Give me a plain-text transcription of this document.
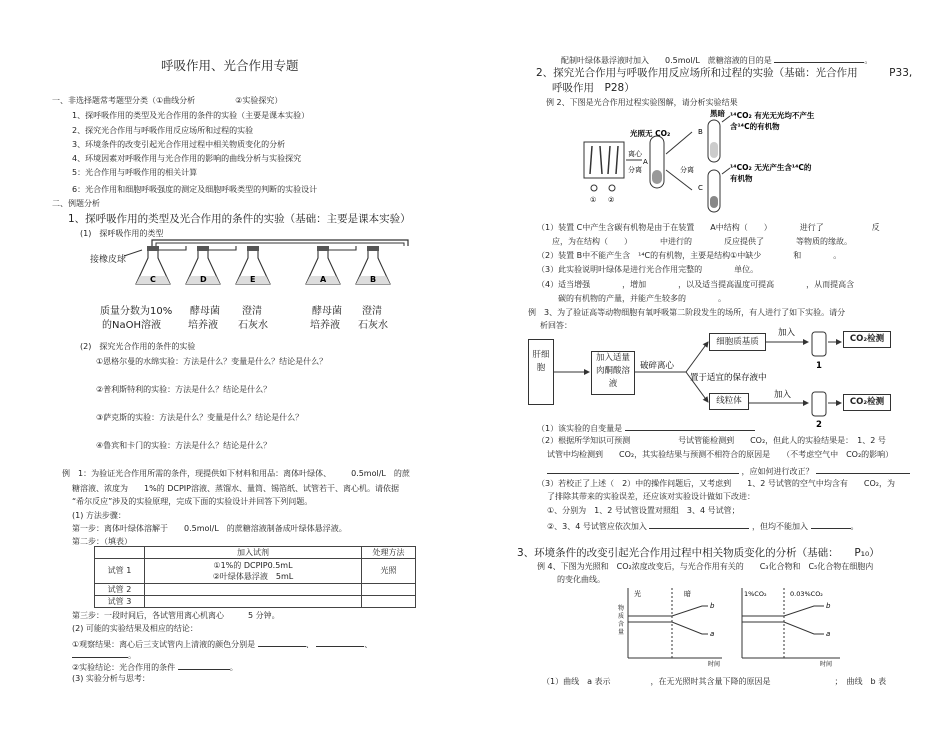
呼吸作用、光合作用专题
一、非选择题常考题型分类（①曲线分析　　　　　②实验探究）
1、探呼吸作用的类型及光合作用的条件的实验（主要是课本实验）
2、探究光合作用与呼吸作用反应场所和过程的实验
3、环境条件的改变引起光合作用过程中相关物质变化的分析
4、环境因素对呼吸作用与光合作用的影响的曲线分析与实验探究
5：光合作用与呼吸作用的相关计算
6：光合作用和细胞呼吸强度的测定及细胞呼吸类型的判断的实验设计
二、例题分析
1、探呼吸作用的类型及光合作用的条件的实验（基础：主要是课本实验）
(1)　探呼吸作用的类型
接橡皮球
C	D	E	A	B
质量分数为10%
的NaOH溶液
酵母菌
培养液
澄清
石灰水
酵母菌
培养液
澄清
石灰水
(2)　探究光合作用的条件的实验
①恩格尔曼的水绵实验：方法是什么？变量是什么？结论是什么？
②普利斯特利的实验：方法是什么？结论是什么？
③萨克斯的实验：方法是什么？变量是什么？结论是什么？
④鲁宾和卡门的实验：方法是什么？结论是什么？
例　1：为验证光合作用所需的条件，现提供如下材料和用品：离体叶绿体、　　　0.5mol/L　的蔗
糖溶液、浓度为　　1%的 DCPIP溶液、蒸馏水、量筒、锡箔纸、试管若干、离心机。请依据
“希尔反应”涉及的实验原理，完成下面的实验设计并回答下列问题。
(1) 方法步骤：
第一步：离体叶绿体溶解于　　0.5mol/L　的蔗糖溶液制备成叶绿体悬浮液。
第二步：（填表）
	加入试剂	处理方法
试管 1	①1%的 DCPIP0.5mL
②叶绿体悬浮液　5mL	光照
试管 2		
试管 3		
第三步：一段时间后，各试管用离心机离心　　　5 分钟。
(2) 可能的实验结果及相应的结论：
①观察结果：离心后三支试管内上清液的颜色分别是	、	、
。
②实验结论：光合作用的条件	。
(3) 实验分析与思考：
配制叶绿体悬浮液时加入　　0.5mol/L　蔗糖溶液的目的是	。
2、探究光合作用与呼吸作用反应场所和过程的实验（基础：光合作用　　　P33,
呼吸作用　P28）
例 2、下图是光合作用过程实验图解，请分析实验结果
① ②
光照无 CO₂
离心
分离
A
分离
黑暗
B
C
¹⁴CO₂ 有光无光均不产生
含¹⁴C的有机物
¹⁴CO₂ 无光产生含¹⁴C的
有机物
（1）装置 C中产生含碳有机物是由于在装置　　A中结构（　　）　　　　进行了　　　　　　反
应，为在结构（　　）　　　　中进行的　　　　反应提供了　　　　等物质的缘故。
（2）装置 B中不能产生含　¹⁴C的有机物，主要是结构①中缺少　　　　和　　　　。
（3）此实验说明叶绿体是进行光合作用完整的　　　　单位。
（4）适当增强　　　　，增加　　　　，以及适当提高温度可提高　　　　，从而提高含
碳的有机物的产量，并能产生较多的　　　　。
例　3、为了验证高等动物细胞有氧呼吸第二阶段发生的场所，有人进行了如下实验。请分
析回答：
肝细胞
加入适量肉酮酸溶液
细胞质基质
线粒体
CO₂检测
CO₂检测
破碎离心
置于适宜的保存液中
加入
加入
1
2
（1）该实验的自变量是
（2）根据所学知识可预测　　　　　　号试管能检测到　　CO₂，但此人的实验结果是：　1、2 号
试管中均检测到　　CO₂，其实验结果与预测不相符合的原因是　　（不考虑空气中　CO₂的影响）
，应如何进行改正？
（3）若校正了上述（　2）中的操作问题后，又考虑到　　1、2 号试管的空气中均含有　　CO₂，为
了排除其带来的实验误差，还应该对实验设计做如下改进：
①、分别为　1、2 号试管设置对照组　3、4 号试管；
②、3、4 号试管应依次加入	，但均不能加入	。
3、环境条件的改变引起光合作用过程中相关物质变化的分析（基础：　　P₁₀）
例 4、下图为光照和　CO₂浓度改变后，与光合作用有关的　　C₃化合物和　C₅化合物在细胞内
的变化曲线。
光	暗
b
a
时间
物
质
含
量
1%CO₂	0.03%CO₂
b
a
时间
（1）曲线　a 表示　　　　　，在无光照时其含量下降的原因是　　　　　　　　；　曲线　b 表
